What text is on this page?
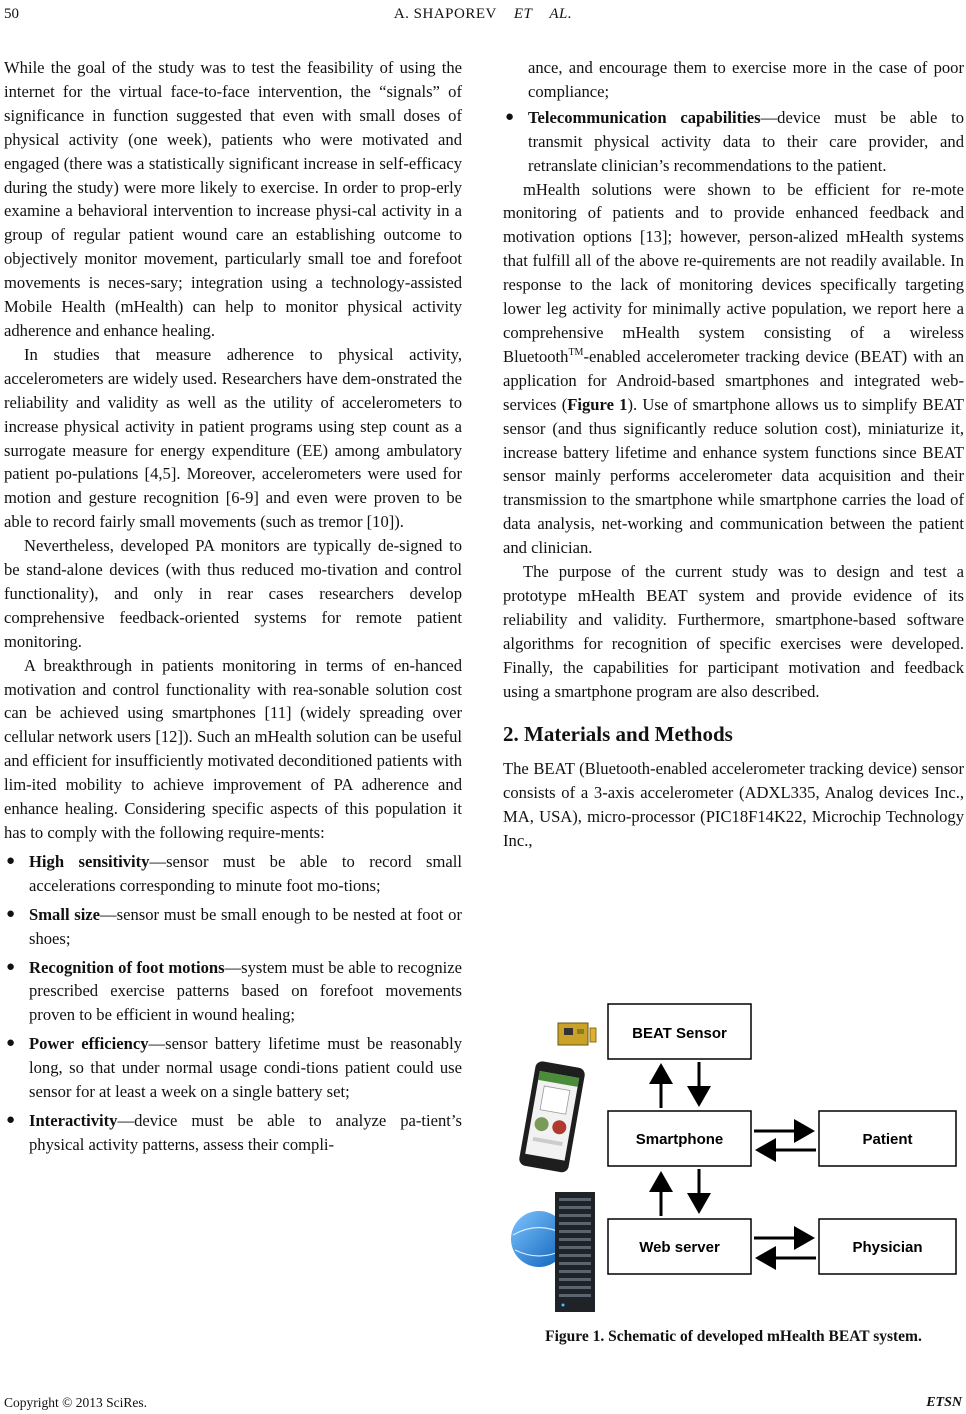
50	A. SHAPOREV ET AL.

While the goal of the study was to test the feasibility of using the internet for the virtual face-to-face intervention, the “signals” of significance in function suggested that even with small doses of physical activity (one week), patients who were motivated and engaged (there was a statistically significant increase in self-efficacy during the study) were more likely to exercise. In order to prop-erly examine a behavioral intervention to increase physi-cal activity in a group of regular patient wound care an establishing outcome to objectively monitor movement, particularly small toe and forefoot movements is neces-sary; integration using a technology-assisted Mobile Health (mHealth) can help to monitor physical activity adherence and enhance healing.

In studies that measure adherence to physical activity, accelerometers are widely used. Researchers have dem-onstrated the reliability and validity as well as the utility of accelerometers to increase physical activity in patient programs using step count as a surrogate measure for energy expenditure (EE) among ambulatory patient po-pulations [4,5]. Moreover, accelerometers were used for motion and gesture recognition [6-9] and even were proven to be able to record fairly small movements (such as tremor [10]).

Nevertheless, developed PA monitors are typically de-signed to be stand-alone devices (with thus reduced mo-tivation and control functionality), and only in rear cases researchers develop comprehensive feedback-oriented systems for remote patient monitoring.

A breakthrough in patients monitoring in terms of en-hanced motivation and control functionality with rea-sonable solution cost can be achieved using smartphones [11] (widely spreading over cellular network users [12]). Such an mHealth solution can be useful and efficient for insufficiently motivated deconditioned patients with lim-ited mobility to achieve improvement of PA adherence and enhance healing. Considering specific aspects of this population it has to comply with the following require-ments:

● High sensitivity—sensor must be able to record small accelerations corresponding to minute foot mo-tions;
● Small size—sensor must be small enough to be nested at foot or shoes;
● Recognition of foot motions—system must be able to recognize prescribed exercise patterns based on forefoot movements proven to be efficient in wound healing;
● Power efficiency—sensor battery lifetime must be reasonably long, so that under normal usage condi-tions patient could use sensor for at least a week on a single battery set;
● Interactivity—device must be able to analyze pa-tient’s physical activity patterns, assess their compli-

ance, and encourage them to exercise more in the case of poor compliance;

● Telecommunication capabilities—device must be able to transmit physical activity data to their care provider, and retranslate clinician’s recommendations to the patient.

mHealth solutions were shown to be efficient for re-mote monitoring of patients and to provide enhanced feedback and motivation options [13]; however, person-alized mHealth systems that fulfill all of the above re-quirements are not readily available. In response to the lack of monitoring devices specifically targeting lower leg activity for minimally active population, we report here a comprehensive mHealth system consisting of a wireless Bluetooth™-enabled accelerometer tracking device (BEAT) with an application for Android-based smartphones and integrated web-services (Figure 1). Use of smartphone allows us to simplify BEAT sensor (and thus significantly reduce solution cost), miniaturize it, increase battery lifetime and enhance system functions since BEAT sensor mainly performs accelerometer data acquisition and their transmission to the smartphone while smartphone carries the load of data analysis, net-working and communication between the patient and clinician.

The purpose of the current study was to design and test a prototype mHealth BEAT system and provide evidence of its reliability and validity. Furthermore, smartphone-based software algorithms for recognition of specific exercises were developed. Finally, the capabilities for participant motivation and feedback using a smartphone program are also described.

2. Materials and Methods

The BEAT (Bluetooth-enabled accelerometer tracking device) sensor consists of a 3-axis accelerometer (ADXL335, Analog devices Inc., MA, USA), micro-processor (PIC18F14K22, Microchip Technology Inc.,

BEAT Sensor
Smartphone	Patient
Web server	Physician
Figure 1. Schematic of developed mHealth BEAT system.
Copyright © 2013 SciRes.	ETSN
